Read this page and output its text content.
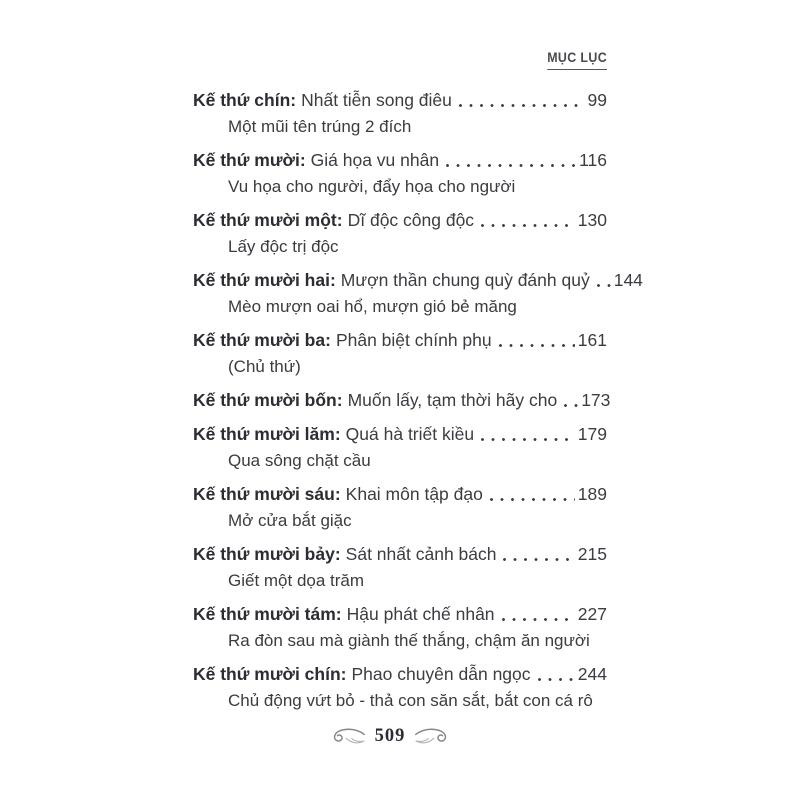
MỤC LỤC
Kế thứ chín: Nhất tiễn song điêu	99
Một mũi tên trúng 2 đích
Kế thứ mười: Giá họa vu nhân	116
Vu họa cho người, đẩy họa cho người
Kế thứ mười một: Dĩ độc công độc	130
Lấy độc trị độc
Kế thứ mười hai: Mượn thần chung quỳ đánh quỷ 144
Mèo mượn oai hổ, mượn gió bẻ măng
Kế thứ mười ba: Phân biệt chính phụ	161
(Chủ thứ)
Kế thứ mười bốn: Muốn lấy, tạm thời hãy cho 173
Kế thứ mười lăm: Quá hà triết kiều	179
Qua sông chặt cầu
Kế thứ mười sáu: Khai môn tập đạo	189
Mở cửa bắt giặc
Kế thứ mười bảy: Sát nhất cảnh bách	215
Giết một dọa trăm
Kế thứ mười tám: Hậu phát chế nhân	227
Ra đòn sau mà giành thế thắng, chậm ăn người
Kế thứ mười chín: Phao chuyên dẫn ngọc	244
Chủ động vứt bỏ - thả con săn sắt, bắt con cá rô
509
